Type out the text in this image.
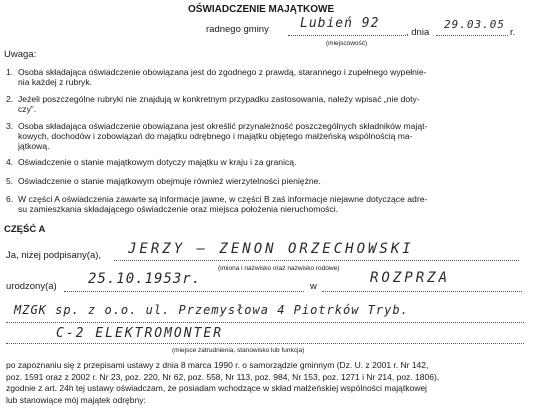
OŚWIADCZENIE MAJĄTKOWE
radnego gminy Lubień 92
, dnia
29.03.05
r.
(miejscowość)
Uwaga:
1. Osoba składająca oświadczenie obowiązana jest do zgodnego z prawdą, starannego i zupełnego wypełnie-
nia każdej z rubryk.
2. Jeżeli poszczególne rubryki nie znajdują w konkretnym przypadku zastosowania, należy wpisać „nie doty-
czy”.
3. Osoba składająca oświadczenie obowiązana jest określić przynależność poszczególnych składników mająt-
kowych, dochodów i zobowiązań do majątku odrębnego i majątku objętego małżeńską wspólnością ma-
jątkową.
4. Oświadczenie o stanie majątkowym dotyczy majątku w kraju i za granicą.
5. Oświadczenie o stanie majątkowym obejmuje również wierzytelności pieniężne.
6. W części A oświadczenia zawarte są informacje jawne, w części B zaś informacje niejawne dotyczące adre-
su zamieszkania składającego oświadczenie oraz miejsca położenia nieruchomości.
CZĘŚĆ A
Ja, niżej podpisany(a), JERZY – ZENON ORZECHOWSKI
(imiona i nazwisko oraz nazwisko rodowe)
urodzony(a) 25.10.1953r.	w
ROZPRZA
MZGK sp. z o.o. ul. Przemysłowa 4 Piotrków Tryb.
C-2 ELEKTROMONTER
(miejsce zatrudnienia, stanowisko lub funkcja)
po zapoznaniu się z przepisami ustawy z dnia 8 marca 1990 r. o samorządzie gminnym (Dz. U. z 2001 r. Nr 142,
poz. 1591 oraz z 2002 r. Nr 23, poz. 220, Nr 62, poz. 558, Nr 113, poz. 984, Nr 153, poz. 1271 i Nr 214, poz. 1806),
zgodnie z art. 24h tej ustawy oświadczam, że posiadam wchodzące w skład małżeńskiej wspólności majątkowej
lub stanowiące mój majątek odrębny:
